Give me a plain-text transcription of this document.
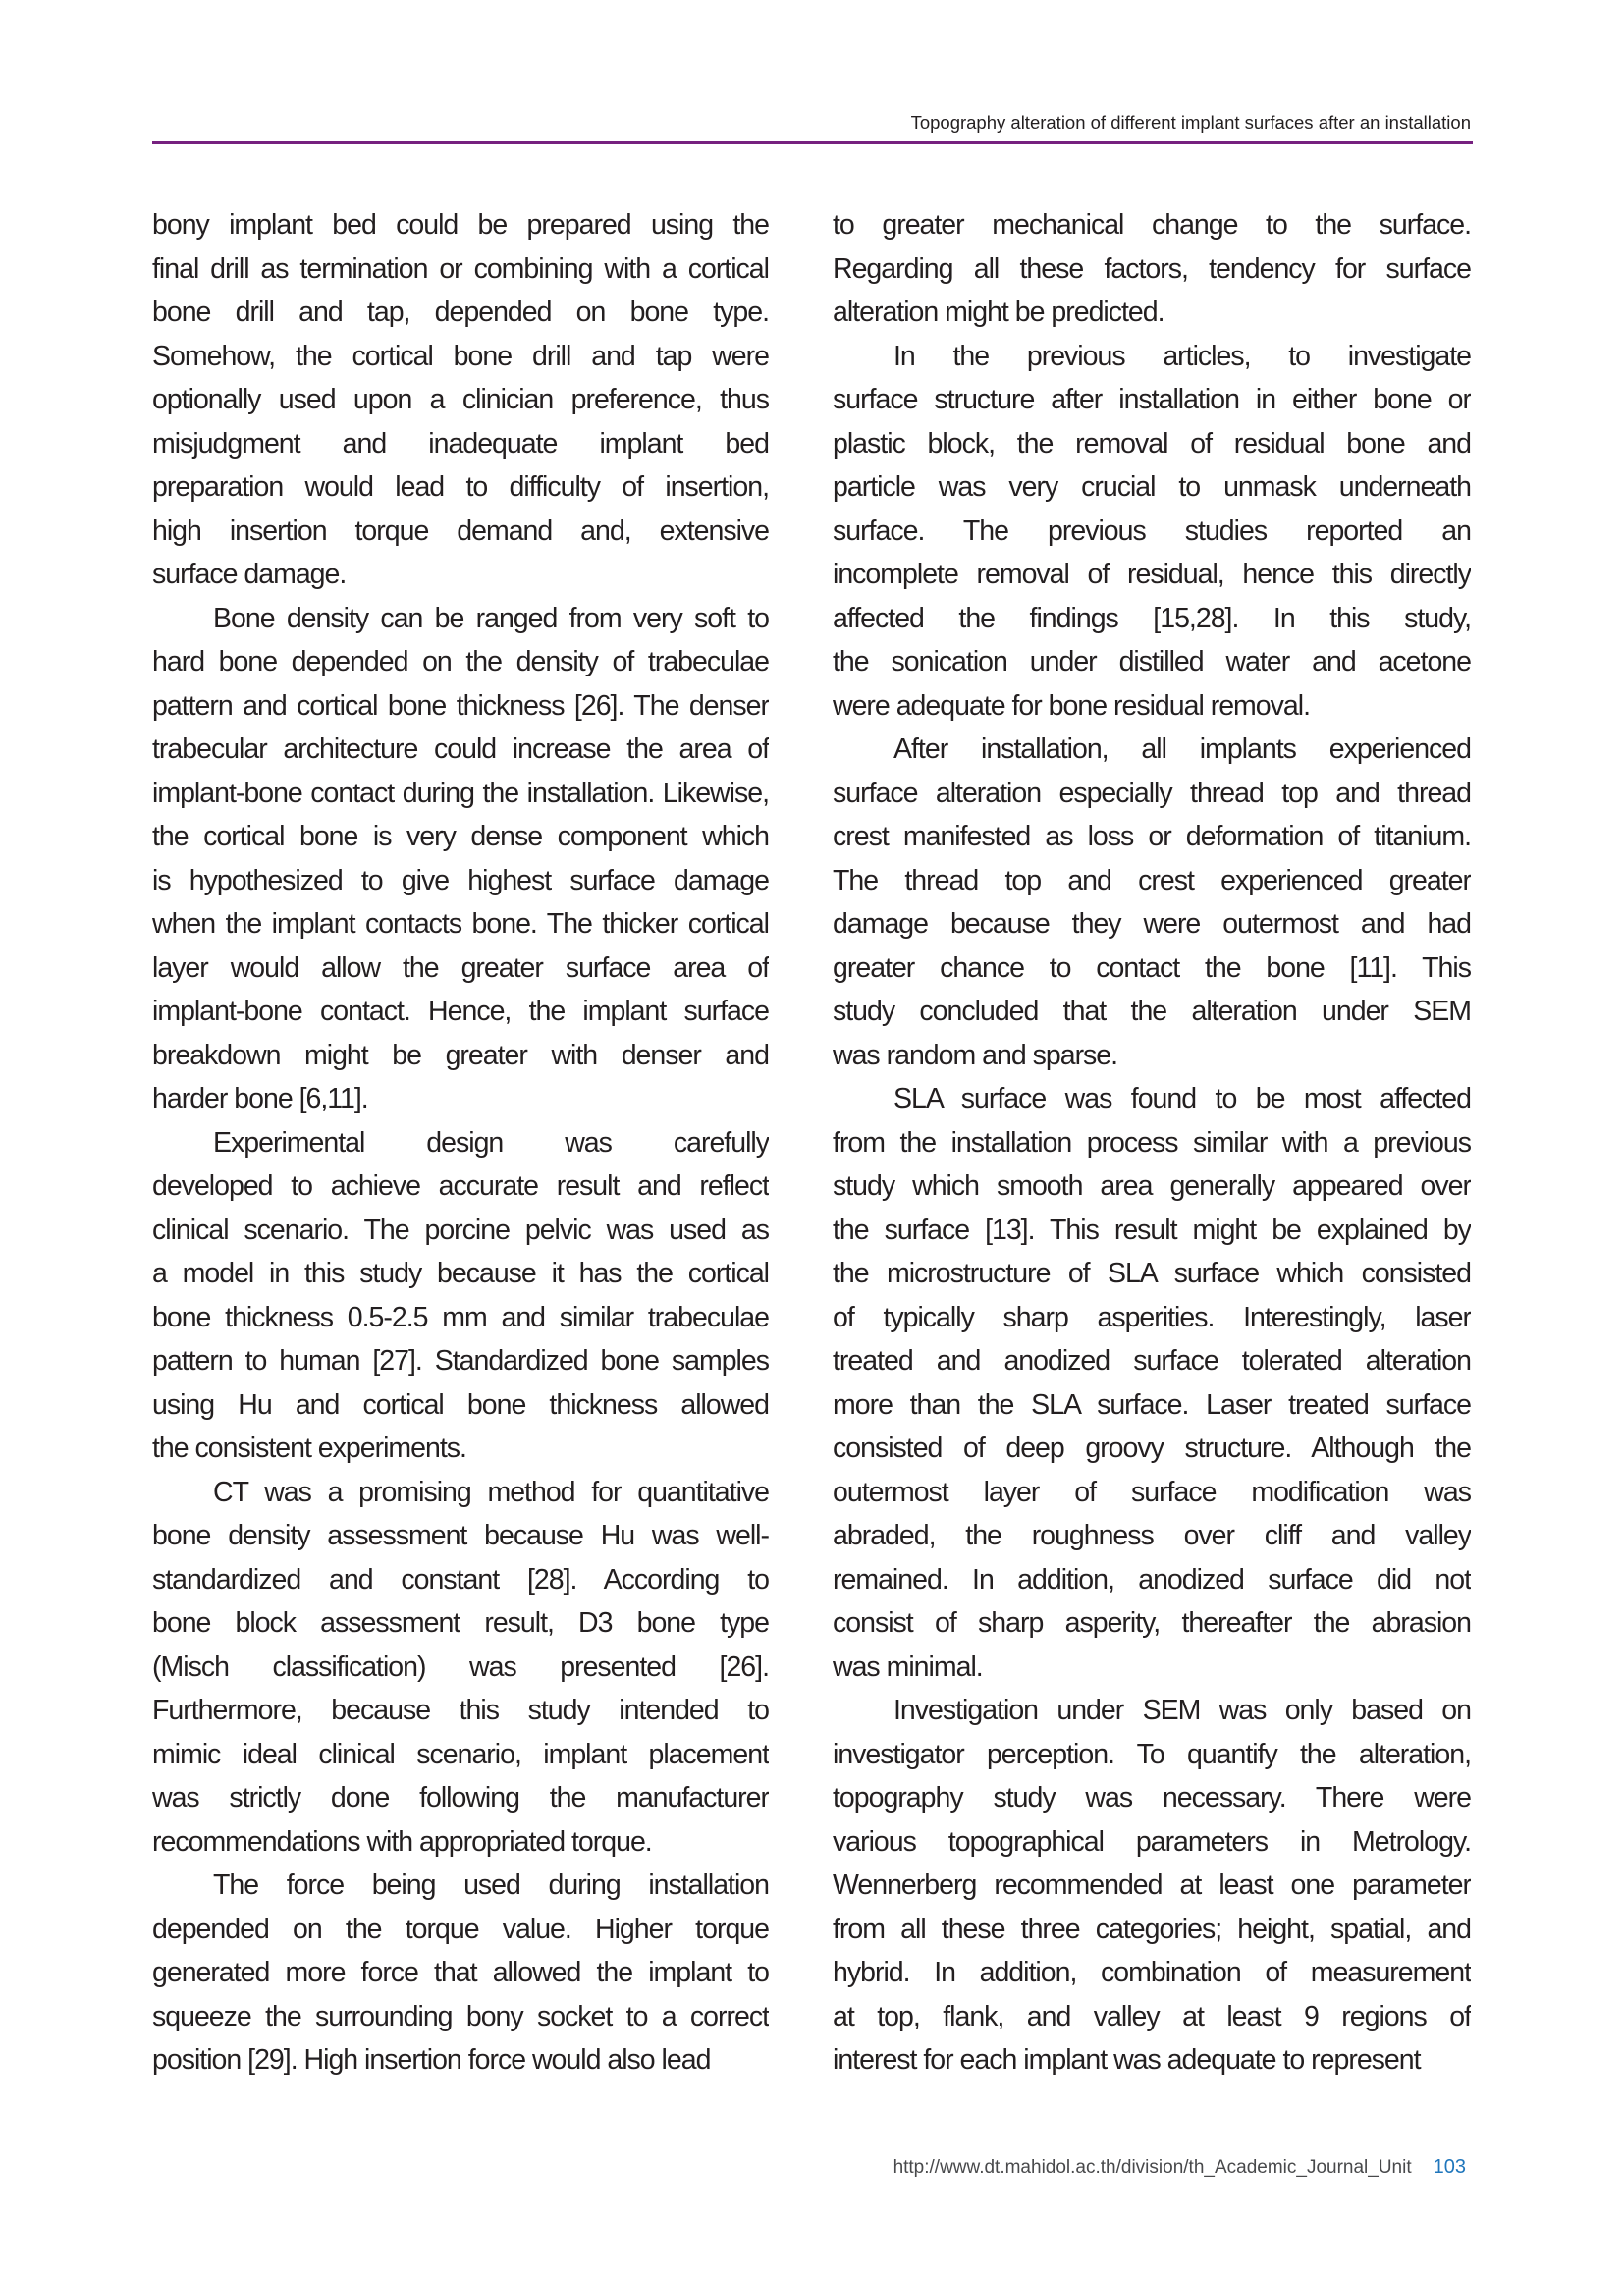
Topography alteration of different implant surfaces after an installation
bony implant bed could be prepared using the
final drill as termination or combining with a cortical
bone drill and tap, depended on bone type.
Somehow, the cortical bone drill and tap were
optionally used upon a clinician preference, thus
misjudgment and inadequate implant bed
preparation would lead to difficulty of insertion,
high insertion torque demand and, extensive
surface damage.
Bone density can be ranged from very soft to
hard bone depended on the density of trabeculae
pattern and cortical bone thickness [26]. The denser
trabecular architecture could increase the area of
implant-bone contact during the installation. Likewise,
the cortical bone is very dense component which
is hypothesized to give highest surface damage
when the implant contacts bone. The thicker cortical
layer would allow the greater surface area of
implant-bone contact. Hence, the implant surface
breakdown might be greater with denser and
harder bone [6,11].
Experimental design was carefully
developed to achieve accurate result and reflect
clinical scenario. The porcine pelvic was used as
a model in this study because it has the cortical
bone thickness 0.5-2.5 mm and similar trabeculae
pattern to human [27]. Standardized bone samples
using Hu and cortical bone thickness allowed
the consistent experiments.
CT was a promising method for quantitative
bone density assessment because Hu was well-
standardized and constant [28]. According to
bone block assessment result, D3 bone type
(Misch classification) was presented [26].
Furthermore, because this study intended to
mimic ideal clinical scenario, implant placement
was strictly done following the manufacturer
recommendations with appropriated torque.
The force being used during installation
depended on the torque value. Higher torque
generated more force that allowed the implant to
squeeze the surrounding bony socket to a correct
position [29]. High insertion force would also lead
to greater mechanical change to the surface.
Regarding all these factors, tendency for surface
alteration might be predicted.
In the previous articles, to investigate
surface structure after installation in either bone or
plastic block, the removal of residual bone and
particle was very crucial to unmask underneath
surface. The previous studies reported an
incomplete removal of residual, hence this directly
affected the findings [15,28]. In this study,
the sonication under distilled water and acetone
were adequate for bone residual removal.
After installation, all implants experienced
surface alteration especially thread top and thread
crest manifested as loss or deformation of titanium.
The thread top and crest experienced greater
damage because they were outermost and had
greater chance to contact the bone [11]. This
study concluded that the alteration under SEM
was random and sparse.
SLA surface was found to be most affected
from the installation process similar with a previous
study which smooth area generally appeared over
the surface [13]. This result might be explained by
the microstructure of SLA surface which consisted
of typically sharp asperities. Interestingly, laser
treated and anodized surface tolerated alteration
more than the SLA surface. Laser treated surface
consisted of deep groovy structure. Although the
outermost layer of surface modification was
abraded, the roughness over cliff and valley
remained. In addition, anodized surface did not
consist of sharp asperity, thereafter the abrasion
was minimal.
Investigation under SEM was only based on
investigator perception. To quantify the alteration,
topography study was necessary. There were
various topographical parameters in Metrology.
Wennerberg recommended at least one parameter
from all these three categories; height, spatial, and
hybrid. In addition, combination of measurement
at top, flank, and valley at least 9 regions of
interest for each implant was adequate to represent
http://www.dt.mahidol.ac.th/division/th_Academic_Journal_Unit 103
